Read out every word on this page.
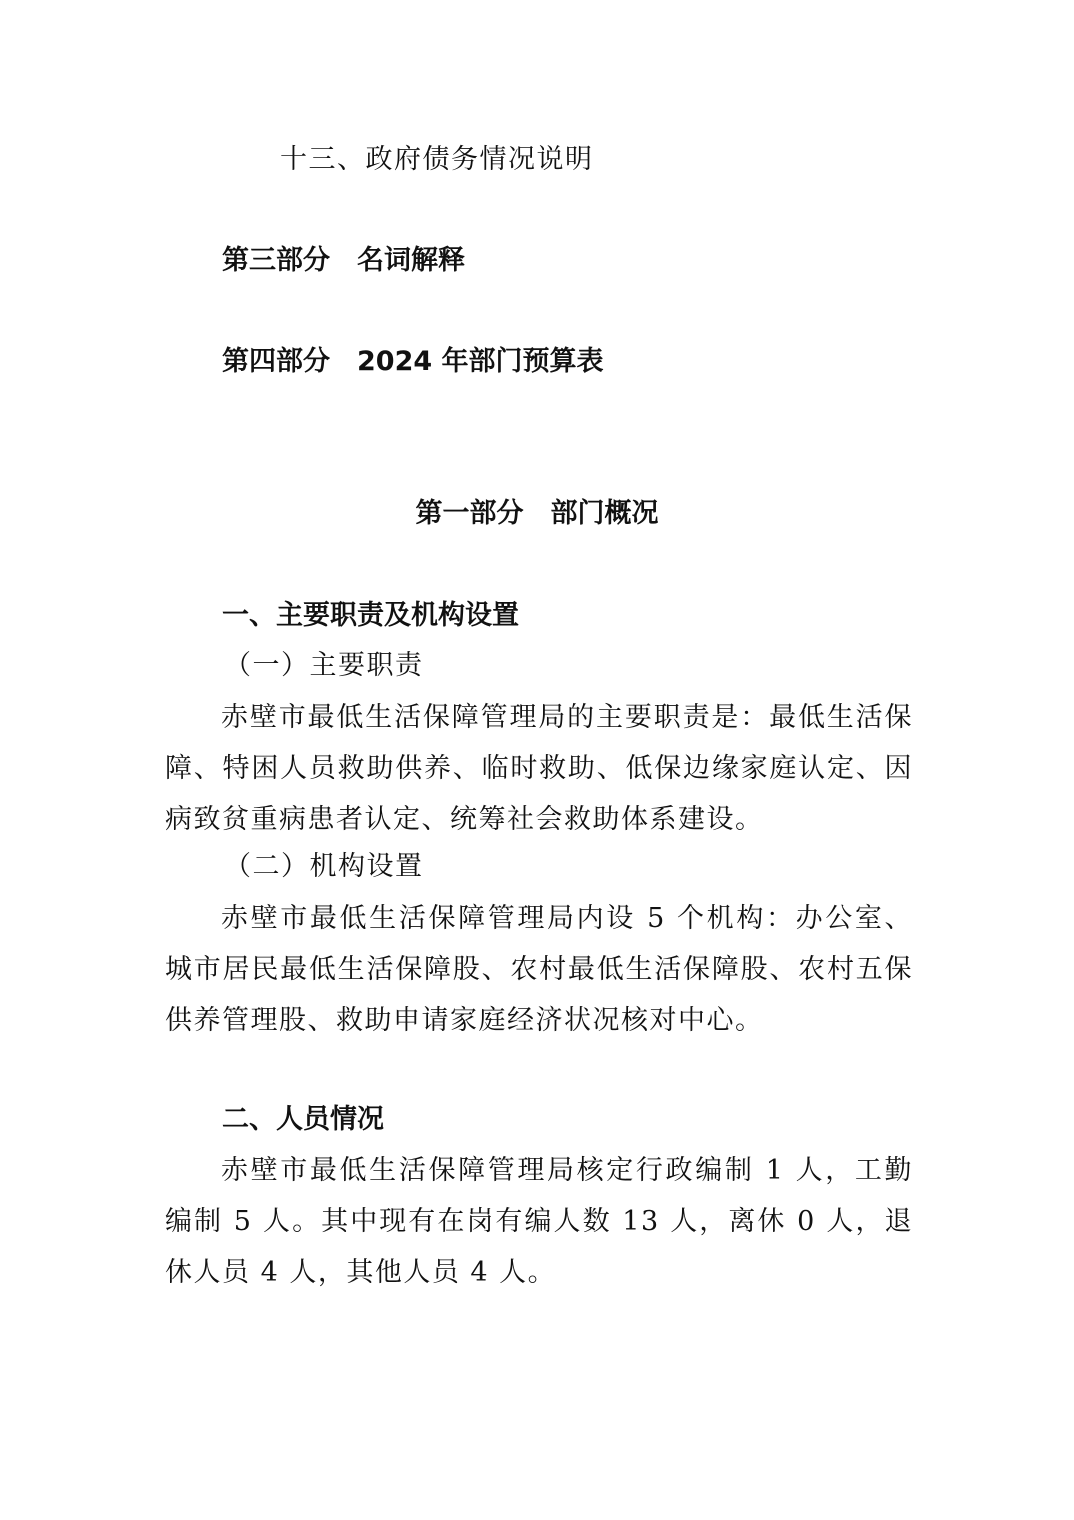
十三、政府债务情况说明
第三部分　名词解释
第四部分　2024 年部门预算表
第一部分　部门概况
一、主要职责及机构设置
（一）主要职责
赤壁市最低生活保障管理局的主要职责是：最低生活保障、特困人员救助供养、临时救助、低保边缘家庭认定、因病致贫重病患者认定、统筹社会救助体系建设。
（二）机构设置
赤壁市最低生活保障管理局内设 5 个机构：办公室、城市居民最低生活保障股、农村最低生活保障股、农村五保供养管理股、救助申请家庭经济状况核对中心。
二、人员情况
赤壁市最低生活保障管理局核定行政编制 1 人，工勤编制 5 人。其中现有在岗有编人数 13 人，离休 0 人，退休人员 4 人，其他人员 4 人。
